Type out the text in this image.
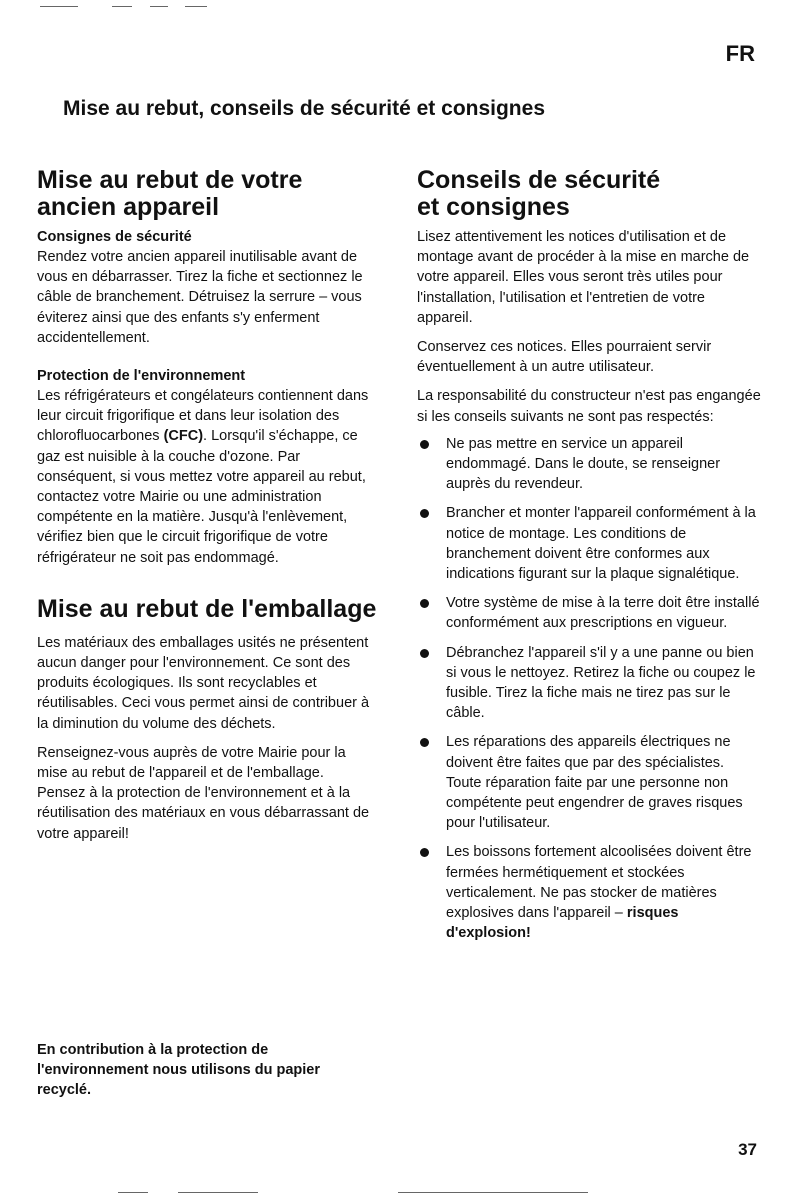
FR
Mise au rebut, conseils de sécurité et consignes
Mise au rebut de votre
ancien appareil
Consignes de sécurité

Rendez votre ancien appareil inutilisable avant de vous en débarrasser. Tirez la fiche et sectionnez le câble de branchement. Détruisez la serrure – vous éviterez ainsi que des enfants s'y enferment accidentellement.

Protection de l'environnement

Les réfrigérateurs et congélateurs contiennent dans leur circuit frigorifique et dans leur isolation des chlorofluocarbones (CFC). Lorsqu'il s'échappe, ce gaz est nuisible à la couche d'ozone. Par conséquent, si vous mettez votre appareil au rebut, contactez votre Mairie ou une administration compétente en la matière. Jusqu'à l'enlèvement, vérifiez bien que le circuit frigorifique de votre réfrigérateur ne soit pas endommagé.

Mise au rebut de l'emballage

Les matériaux des emballages usités ne présentent aucun danger pour l'environnement. Ce sont des produits écologiques. Ils sont recyclables et réutilisables. Ceci vous permet ainsi de contribuer à la diminution du volume des déchets.

Renseignez-vous auprès de votre Mairie pour la mise au rebut de l'appareil et de l'emballage.

Pensez à la protection de l'environnement et à la réutilisation des matériaux en vous débarrassant de votre appareil!

Conseils de sécurité
et consignes

Lisez attentivement les notices d'utilisation et de montage avant de procéder à la mise en marche de votre appareil. Elles vous seront très utiles pour l'installation, l'utilisation et l'entretien de votre appareil.

Conservez ces notices. Elles pourraient servir éventuellement à un autre utilisateur.

La responsabilité du constructeur n'est pas engangée si les conseils suivants ne sont pas respectés:

Ne pas mettre en service un appareil endommagé. Dans le doute, se renseigner auprès du revendeur.
Brancher et monter l'appareil conformément à la notice de montage. Les conditions de branchement doivent être conformes aux indications figurant sur la plaque signalétique.
Votre système de mise à la terre doit être installé conformément aux prescriptions en vigueur.
Débranchez l'appareil s'il y a une panne ou bien si vous le nettoyez. Retirez la fiche ou coupez le fusible. Tirez la fiche mais ne tirez pas sur le câble.
Les réparations des appareils électriques ne doivent être faites que par des spécialistes. Toute réparation faite par une personne non compétente peut engendrer de graves risques pour l'utilisateur.
Les boissons fortement alcoolisées doivent être fermées hermétiquement et stockées verticalement. Ne pas stocker de matières explosives dans l'appareil – risques d'explosion!

En contribution à la protection de l'environnement nous utilisons du papier recyclé.

37
